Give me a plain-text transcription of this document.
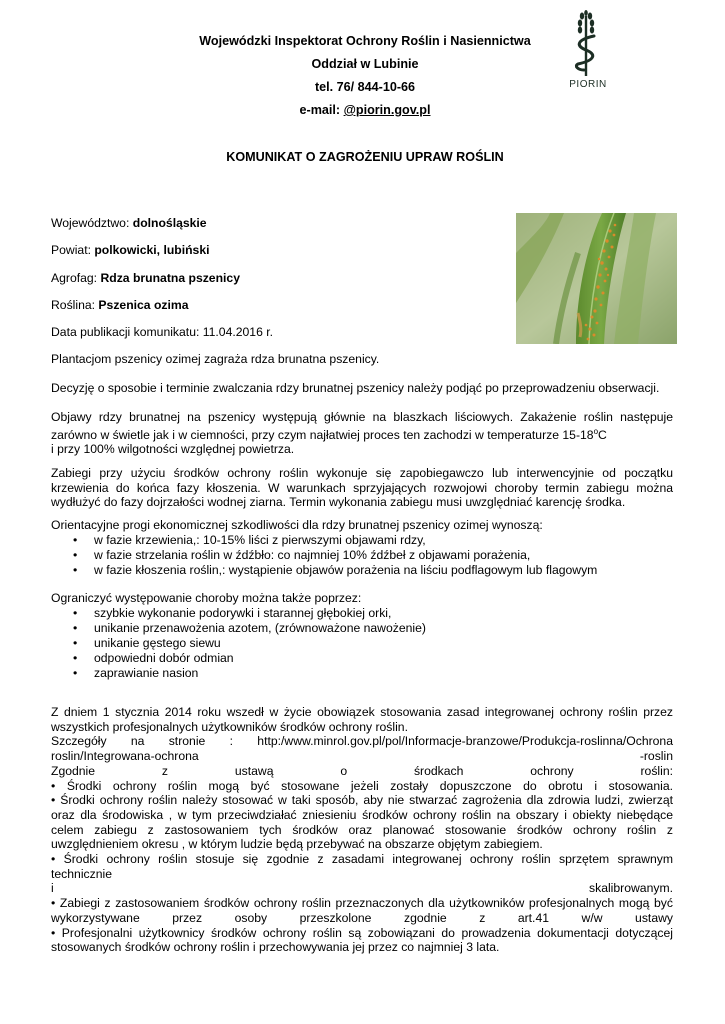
Wojewódzki Inspektorat Ochrony Roślin i Nasiennictwa
Oddział w Lubinie
tel. 76/ 844-10-66
e-mail: @piorin.gov.pl
PIORIN
KOMUNIKAT O ZAGROŻENIU UPRAW ROŚLIN
Województwo: dolnośląskie
Powiat: polkowicki, lubiński
Agrofag: Rdza brunatna pszenicy
Roślina: Pszenica ozima
Data publikacji komunikatu: 11.04.2016 r.

Plantacjom pszenicy ozimej zagraża rdza brunatna pszenicy.

Decyzję o sposobie i terminie zwalczania rdzy brunatnej pszenicy należy podjąć po przeprowadzeniu obserwacji.

Objawy rdzy brunatnej na pszenicy występują głównie na blaszkach liściowych. Zakażenie roślin następuje zarówno w świetle jak i w ciemności, przy czym najłatwiej proces ten zachodzi w temperaturze 15-18$^o$C
i przy 100% wilgotności względnej powietrza.

Zabiegi przy użyciu środków ochrony roślin wykonuje się zapobiegawczo lub interwencyjnie od początku krzewienia do końca fazy kłoszenia. W warunkach sprzyjających rozwojowi choroby termin zabiegu można wydłużyć do fazy dojrzałości wodnej ziarna. Termin wykonania zabiegu musi uwzględniać karencję środka.

Orientacyjne progi ekonomicznej szkodliwości dla rdzy brunatnej pszenicy ozimej wynoszą:
• w fazie krzewienia,: 10-15% liści z pierwszymi objawami rdzy,
• w fazie strzelania roślin w źdźbło: co najmniej 10% źdźbeł z objawami porażenia,
• w fazie kłoszenia roślin,: wystąpienie objawów porażenia na liściu podflagowym lub flagowym
Ograniczyć występowanie choroby można także poprzez:
• szybkie wykonanie podorywki i starannej głębokiej orki,
• unikanie przenawożenia azotem, (zrównoważone nawożenie)
• unikanie gęstego siewu
• odpowiedni dobór odmian
• zaprawianie nasion
Z dniem 1 stycznia 2014 roku wszedł w życie obowiązek stosowania zasad integrowanej ochrony roślin przez
wszystkich profesjonalnych użytkowników środków ochrony roślin.
Szczegóły na stronie : http:/www.minrol.gov.pl/pol/Informacje-branzowe/Produkcja-roslinna/Ochrona
roslin/Integrowana-ochrona	-roslin
Zgodnie z ustawą o środkach ochrony roślin:
• Środki ochrony roślin mogą być stosowane jeżeli zostały dopuszczone do obrotu i stosowania.
• Środki ochrony roślin należy stosować w taki sposób, aby nie stwarzać zagrożenia dla zdrowia ludzi, zwierząt oraz dla środowiska , w tym przeciwdziałać zniesieniu środków ochrony roślin na obszary i obiekty niebędące celem zabiegu z zastosowaniem tych środków oraz planować stosowanie środków ochrony roślin z uwzględnieniem okresu , w którym ludzie będą przebywać na obszarze objętym zabiegiem.
• Środki ochrony roślin stosuje się zgodnie z zasadami integrowanej ochrony roślin sprzętem sprawnym technicznie
i	skalibrowanym.
• Zabiegi z zastosowaniem środków ochrony roślin przeznaczonych dla użytkowników profesjonalnych mogą być
wykorzystywane przez osoby przeszkolone zgodnie z art.41 w/w ustawy
• Profesjonalni użytkownicy środków ochrony roślin są zobowiązani do prowadzenia dokumentacji dotyczącej stosowanych środków ochrony roślin i przechowywania jej przez co najmniej 3 lata.
